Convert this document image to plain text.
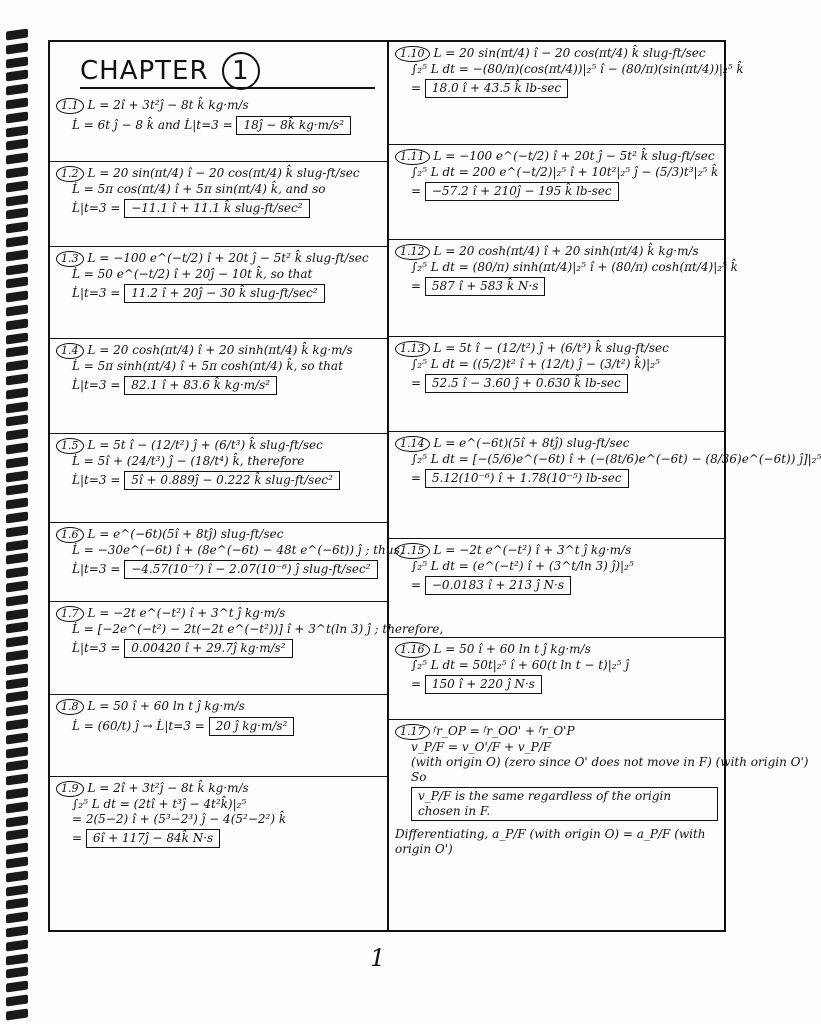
CHAPTER 1
1.1 L = 2î + 3t²ĵ − 8t k̂ kg·m/s
L̇ = 6t ĵ − 8 k̂ and L̇|t=3 = 18ĵ − 8k̂ kg·m/s²
1.2 L = 20 sin(πt/4) î − 20 cos(πt/4) k̂ slug-ft/sec
L̇ = 5π cos(πt/4) î + 5π sin(πt/4) k̂, and so
L̇|t=3 = −11.1 î + 11.1 k̂ slug-ft/sec²
1.3 L = −100 e^(−t/2) î + 20t ĵ − 5t² k̂ slug-ft/sec
L̇ = 50 e^(−t/2) î + 20ĵ − 10t k̂, so that
L̇|t=3 = 11.2 î + 20ĵ − 30 k̂ slug-ft/sec²
1.4 L = 20 cosh(πt/4) î + 20 sinh(πt/4) k̂ kg·m/s
L̇ = 5π sinh(πt/4) î + 5π cosh(πt/4) k̂, so that
L̇|t=3 = 82.1 î + 83.6 k̂ kg·m/s²
1.5 L = 5t î − (12/t²) ĵ + (6/t³) k̂ slug-ft/sec
L̇ = 5î + (24/t³) ĵ − (18/t⁴) k̂, therefore
L̇|t=3 = 5î + 0.889ĵ − 0.222 k̂ slug-ft/sec²
1.6 L = e^(−6t)(5î + 8tĵ) slug-ft/sec
L̇ = −30e^(−6t) î + (8e^(−6t) − 48t e^(−6t)) ĵ ; thus,
L̇|t=3 = −4.57(10⁻⁷) î − 2.07(10⁻⁶) ĵ slug-ft/sec²
1.7 L = −2t e^(−t²) î + 3^t ĵ kg·m/s
L̇ = [−2e^(−t²) − 2t(−2t e^(−t²))] î + 3^t(ln 3) ĵ ; therefore,
L̇|t=3 = 0.00420 î + 29.7ĵ kg·m/s²
1.8 L = 50 î + 60 ln t ĵ kg·m/s
L̇ = (60/t) ĵ → L̇|t=3 = 20 ĵ kg·m/s²
1.9 L = 2î + 3t²ĵ − 8t k̂ kg·m/s
∫₂⁵ L dt = (2tî + t³ĵ − 4t²k̂)|₂⁵
= 2(5−2) î + (5³−2³) ĵ − 4(5²−2²) k̂
= 6î + 117ĵ − 84k̂ N·s
1.10 L = 20 sin(πt/4) î − 20 cos(πt/4) k̂ slug-ft/sec
∫₂⁵ L dt = −(80/π)(cos(πt/4))|₂⁵ î − (80/π)(sin(πt/4))|₂⁵ k̂
= 18.0 î + 43.5 k̂ lb-sec
1.11 L = −100 e^(−t/2) î + 20t ĵ − 5t² k̂ slug-ft/sec
∫₂⁵ L dt = 200 e^(−t/2)|₂⁵ î + 10t²|₂⁵ ĵ − (5/3)t³|₂⁵ k̂
= −57.2 î + 210ĵ − 195 k̂ lb-sec
1.12 L = 20 cosh(πt/4) î + 20 sinh(πt/4) k̂ kg·m/s
∫₂⁵ L dt = (80/π) sinh(πt/4)|₂⁵ î + (80/π) cosh(πt/4)|₂⁵ k̂
= 587 î + 583 k̂ N·s
1.13 L = 5t î − (12/t²) ĵ + (6/t³) k̂ slug-ft/sec
∫₂⁵ L dt = ((5/2)t² î + (12/t) ĵ − (3/t²) k̂)|₂⁵
= 52.5 î − 3.60 ĵ + 0.630 k̂ lb-sec
1.14 L = e^(−6t)(5î + 8tĵ) slug-ft/sec
∫₂⁵ L dt = [−(5/6)e^(−6t) î + (−(8t/6)e^(−6t) − (8/36)e^(−6t)) ĵ]|₂⁵
= 5.12(10⁻⁶) î + 1.78(10⁻⁵) lb-sec
1.15 L = −2t e^(−t²) î + 3^t ĵ kg·m/s
∫₂⁵ L dt = (e^(−t²) î + (3^t/ln 3) ĵ)|₂⁵
= −0.0183 î + 213 ĵ N·s
1.16 L = 50 î + 60 ln t ĵ kg·m/s
∫₂⁵ L dt = 50t|₂⁵ î + 60(t ln t − t)|₂⁵ ĵ
= 150 î + 220 ĵ N·s
1.17 ᶠr_OP = ᶠr_OO' + ᶠr_O'P
v_P/F = v_O'/F + v_P/F
(with origin O) (zero since O' does not move in F) (with origin O')
So v_P/F is the same regardless of the origin chosen in F.
Differentiating, a_P/F (with origin O) = a_P/F (with origin O')
1
